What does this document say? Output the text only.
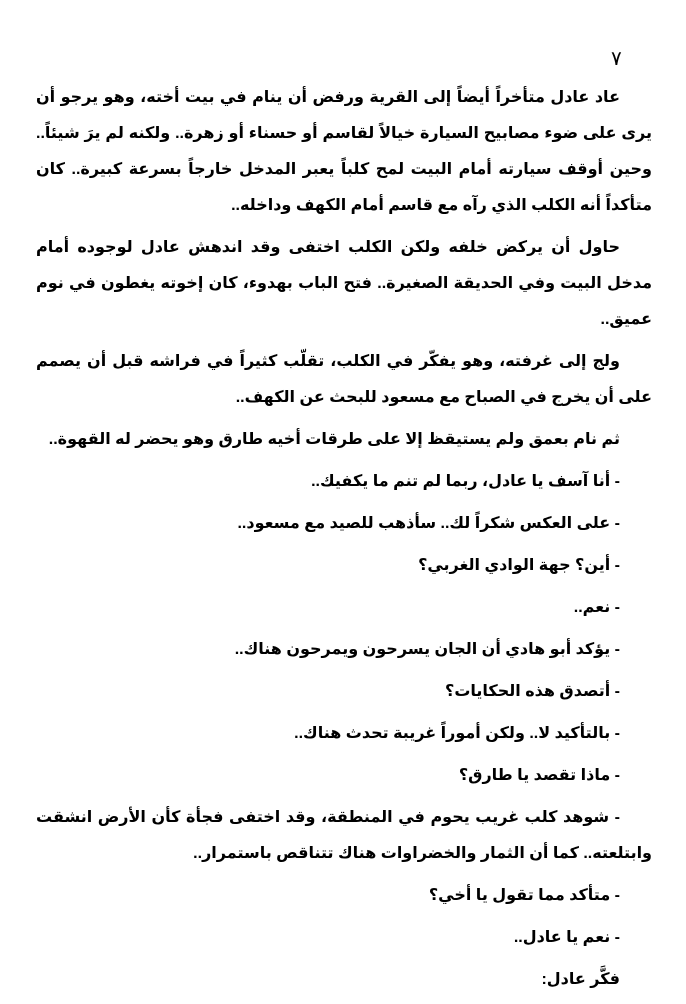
٧

عاد عادل متأخراً أيضاً إلى القرية ورفض أن ينام في بيت أخته، وهو يرجو أن يرى على ضوء مصابيح السيارة خيالاً لقاسم أو حسناء أو زهرة.. ولكنه لم يرَ شيئاً.. وحين أوقف سيارته أمام البيت لمح كلباً يعبر المدخل خارجاً بسرعة كبيرة.. كان متأكداً أنه الكلب الذي رآه مع قاسم أمام الكهف وداخله..

حاول أن يركض خلفه ولكن الكلب اختفى وقد اندهش عادل لوجوده أمام مدخل البيت وفي الحديقة الصغيرة.. فتح الباب بهدوء، كان إخوته يغطون في نوم عميق..

ولج إلى غرفته، وهو يفكّر في الكلب، تقلّب كثيراً في فراشه قبل أن يصمم على أن يخرج في الصباح مع مسعود للبحث عن الكهف..

ثم نام بعمق ولم يستيقظ إلا على طرقات أخيه طارق وهو يحضر له القهوة..

- أنا آسف يا عادل، ربما لم تنم ما يكفيك..

- على العكس شكراً لك.. سأذهب للصيد مع مسعود..

- أين؟ جهة الوادي الغربي؟

- نعم..

- يؤكد أبو هادي أن الجان يسرحون ويمرحون هناك..

- أتصدق هذه الحكايات؟

- بالتأكيد لا.. ولكن أموراً غريبة تحدث هناك..

- ماذا تقصد يا طارق؟

- شوهد كلب غريب يحوم في المنطقة، وقد اختفى فجأة كأن الأرض انشقت وابتلعته.. كما أن الثمار والخضراوات هناك تتناقص باستمرار..

- متأكد مما تقول يا أخي؟

- نعم يا عادل..

فكَّر عادل:
